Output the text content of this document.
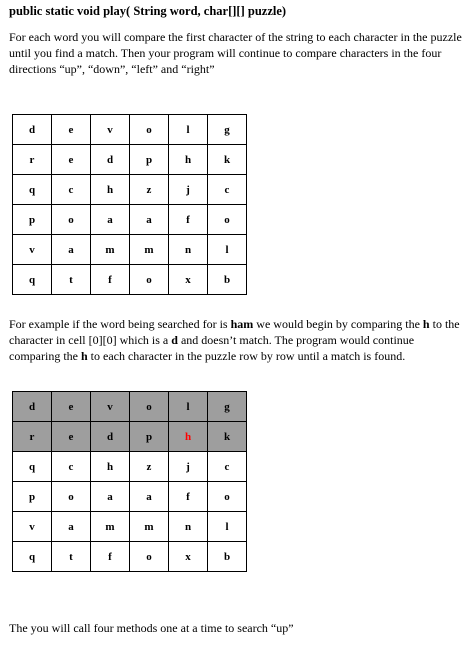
public static void play( String word, char[][] puzzle)
For each word you will compare the first character of the string to each character in the puzzle until you find a match. Then your program will continue to compare characters in the four directions “up”, “down”, “left” and “right”
d	e	v	o	l	g
r	e	d	p	h	k
q	c	h	z	j	c
p	o	a	a	f	o
v	a	m	m	n	l
q	t	f	o	x	b
For example if the word being searched for is ham we would begin by comparing the h to the character in cell [0][0] which is a d and doesn’t match. The program would continue comparing the h to each character in the puzzle row by row until a match is found.
d	e	v	o	l	g
r	e	d	p	h	k
q	c	h	z	j	c
p	o	a	a	f	o
v	a	m	m	n	l
q	t	f	o	x	b
The you will call four methods one at a time to search “up”
